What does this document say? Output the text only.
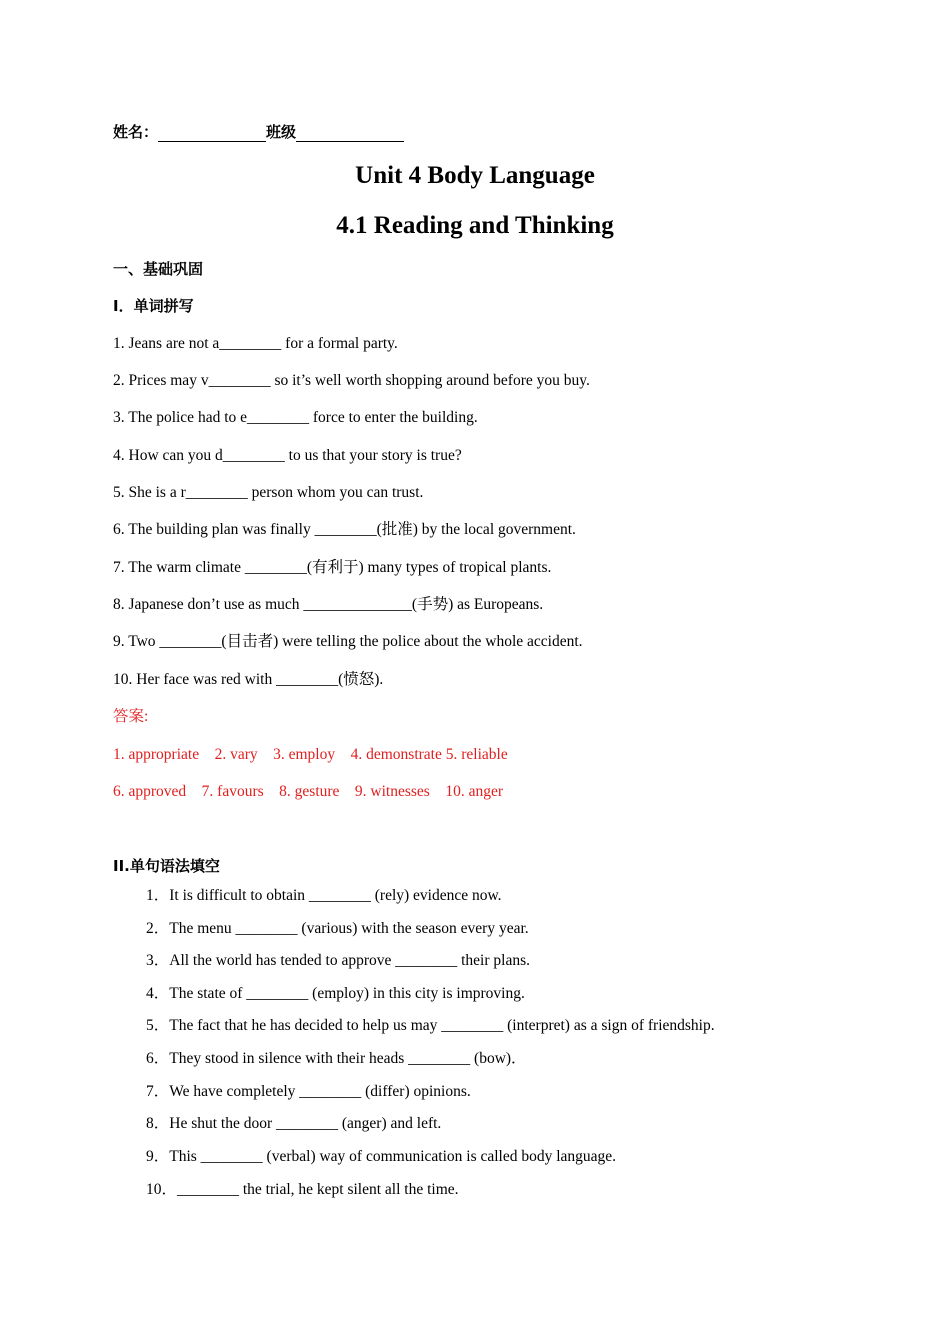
姓名：	班级
Unit 4 Body Language
4.1 Reading and Thinking
一、基础巩固
I．单词拼写
1. Jeans are not a________ for a formal party.
2. Prices may v________ so it’s well worth shopping around before you buy.
3. The police had to e________ force to enter the building.
4. How can you d________ to us that your story is true?
5. She is a r________ person whom you can trust.
6. The building plan was finally ________(批准) by the local government.
7. The warm climate ________(有利于) many types of tropical plants.
8. Japanese don’t use as much ______________(手势) as Europeans.
9. Two ________(目击者) were telling the police about the whole accident.
10. Her face was red with ________(愤怒).
答案:
1. appropriate    2. vary    3. employ    4. demonstrate 5. reliable
6. approved    7. favours    8. gesture    9. witnesses    10. anger
II.单句语法填空
1．It is difficult to obtain ________ (rely) evidence now.
2．The menu ________ (various) with the season every year.
3．All the world has tended to approve ________ their plans.
4．The state of ________ (employ) in this city is improving.
5．The fact that he has decided to help us may ________ (interpret) as a sign of friendship.
6．They stood in silence with their heads ________ (bow)．
7．We have completely ________ (differ) opinions.
8．He shut the door ________ (anger) and left.
9．This ________ (verbal) way of communication is called body language.
10．________ the trial, he kept silent all the time.
